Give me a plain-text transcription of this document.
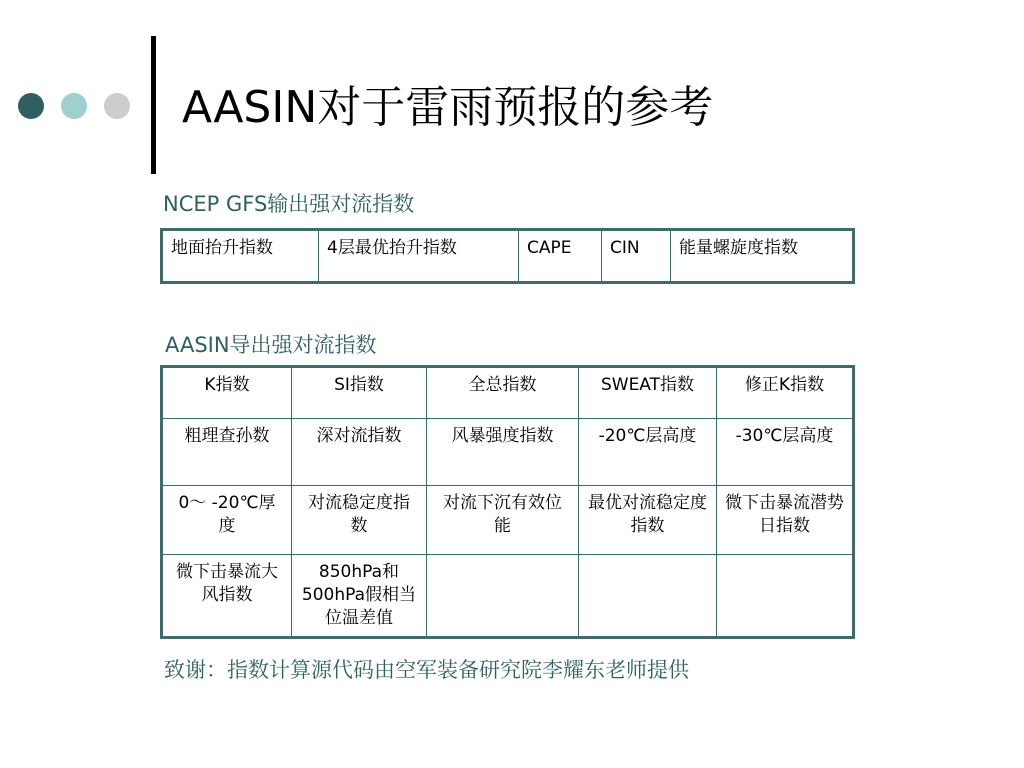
AASIN对于雷雨预报的参考
NCEP GFS输出强对流指数
地面抬升指数	4层最优抬升指数	CAPE	CIN	能量螺旋度指数
AASIN导出强对流指数
K指数	SI指数	全总指数	SWEAT指数	修正K指数
粗理查孙数	深对流指数	风暴强度指数	-20℃层高度	-30℃层高度
0～ -20℃厚度	对流稳定度指数	对流下沉有效位能	最优对流稳定度指数	微下击暴流潜势日指数
微下击暴流大风指数	850hPa和500hPa假相当位温差值			
致谢：指数计算源代码由空军装备研究院李耀东老师提供
